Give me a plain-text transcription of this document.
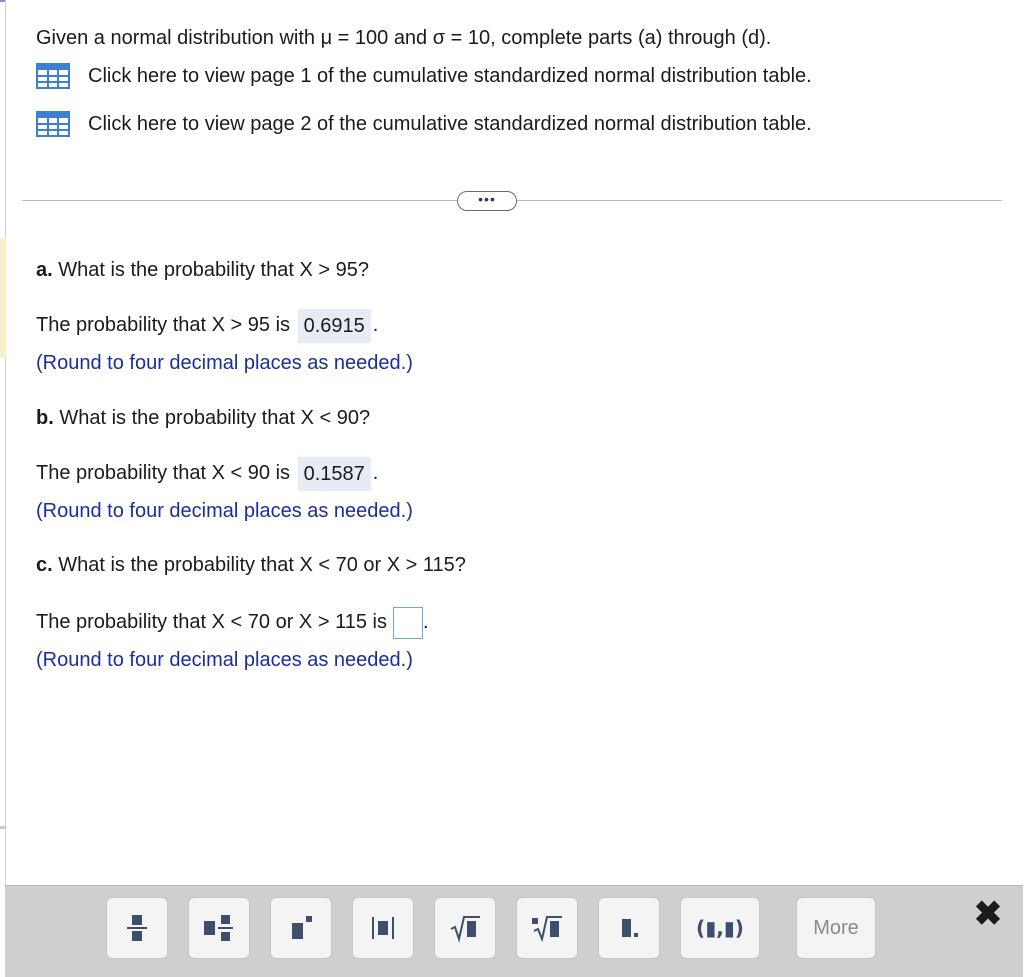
Given a normal distribution with μ = 100 and σ = 10, complete parts (a) through (d).
Click here to view page 1 of the cumulative standardized normal distribution table.
Click here to view page 2 of the cumulative standardized normal distribution table.
•••
a. What is the probability that X > 95?
The probability that X > 95 is 0.6915 .
(Round to four decimal places as needed.)
b. What is the probability that X < 90?
The probability that X < 90 is 0.1587 .
(Round to four decimal places as needed.)
c. What is the probability that X < 70 or X > 115?
The probability that X < 70 or X > 115 is .
(Round to four decimal places as needed.)
(▮,▮)	More	✖
